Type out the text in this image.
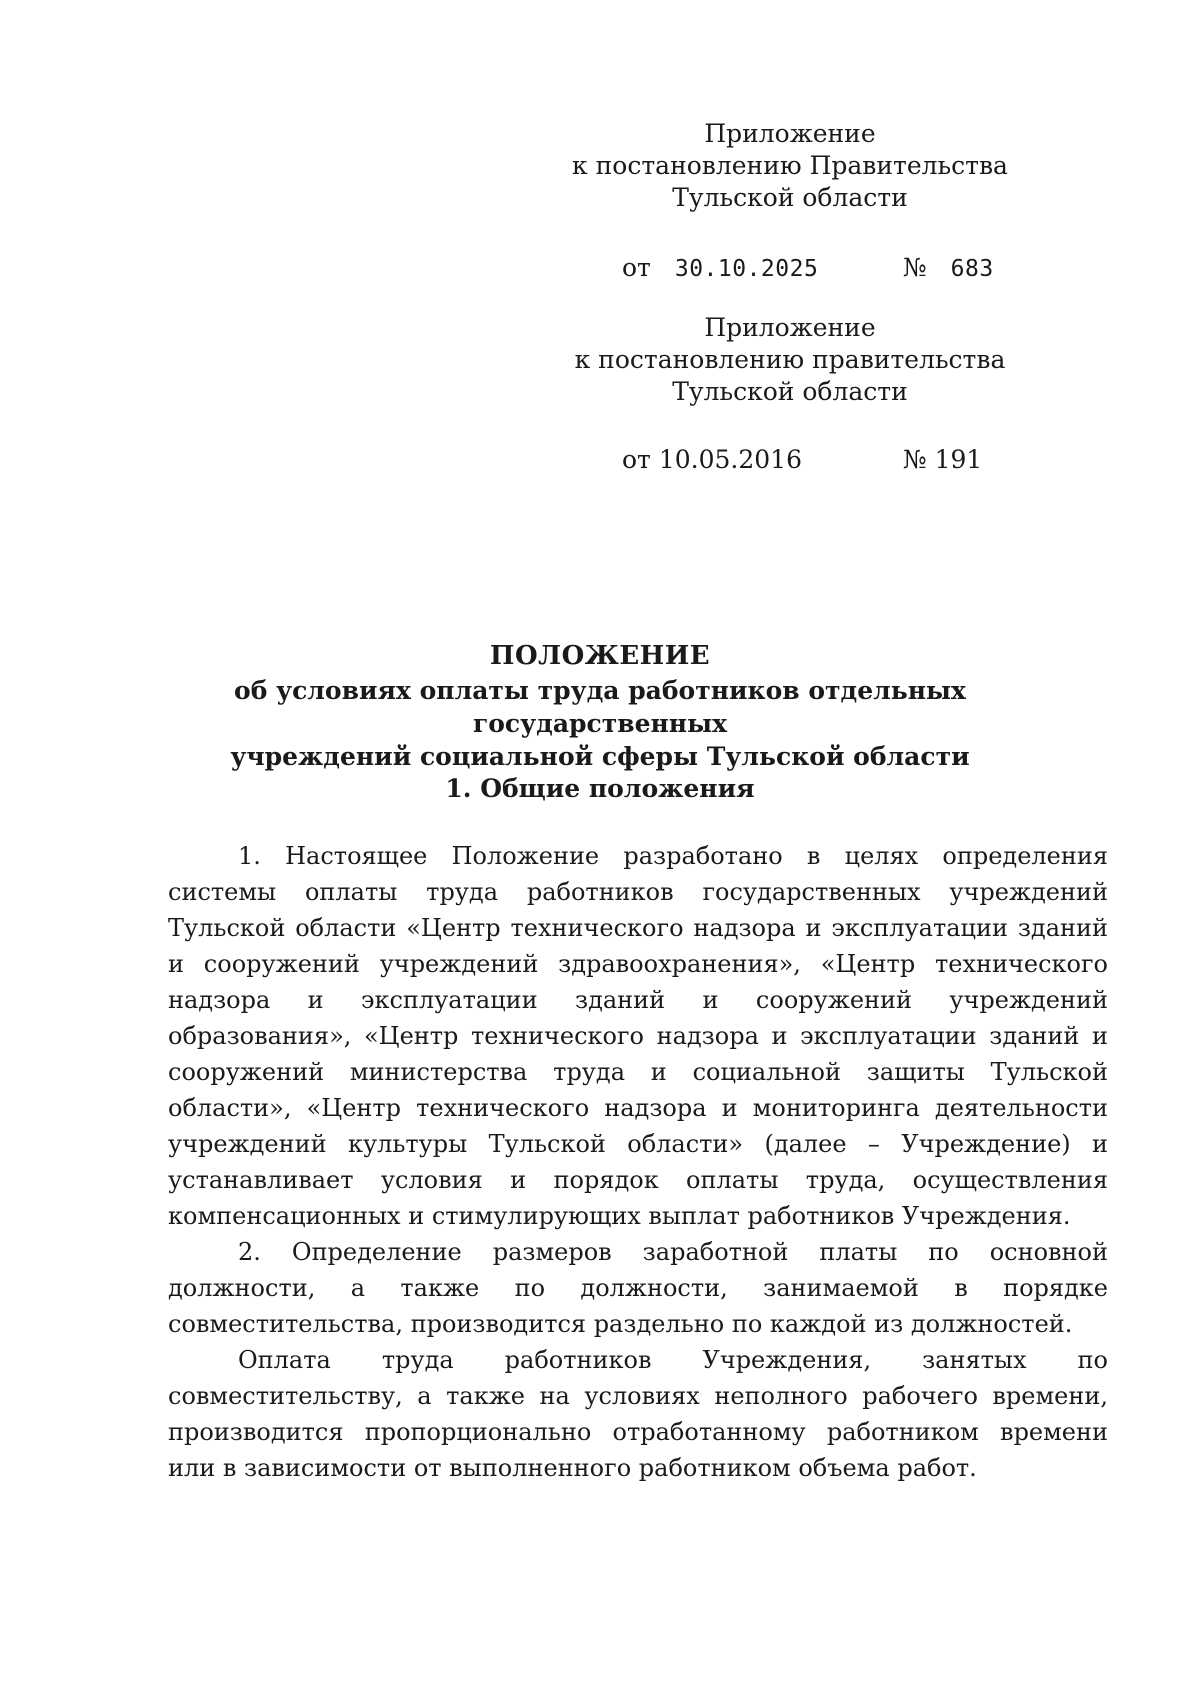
Приложение
к постановлению Правительства
Тульской области
от 30.10.2025	№ 683
Приложение
к постановлению правительства
Тульской области
от 10.05.2016	№ 191
ПОЛОЖЕНИЕ
об условиях оплаты труда работников отдельных государственных
учреждений социальной сферы Тульской области
1. Общие положения

1. Настоящее Положение разработано в целях определения системы оплаты труда работников государственных учреждений Тульской области «Центр технического надзора и эксплуатации зданий и сооружений учреждений здравоохранения», «Центр технического надзора и эксплуатации зданий и сооружений учреждений образования», «Центр технического надзора и эксплуатации зданий и сооружений министерства труда и социальной защиты Тульской области», «Центр технического надзора и мониторинга деятельности учреждений культуры Тульской области» (далее – Учреждение) и устанавливает условия и порядок оплаты труда, осуществления компенсационных и стимулирующих выплат работников Учреждения.

2. Определение размеров заработной платы по основной должности, а также по должности, занимаемой в порядке совместительства, производится раздельно по каждой из должностей.

Оплата труда работников Учреждения, занятых по совместительству, а также на условиях неполного рабочего времени, производится пропорционально отработанному работником времени или в зависимости от выполненного работником объема работ.
